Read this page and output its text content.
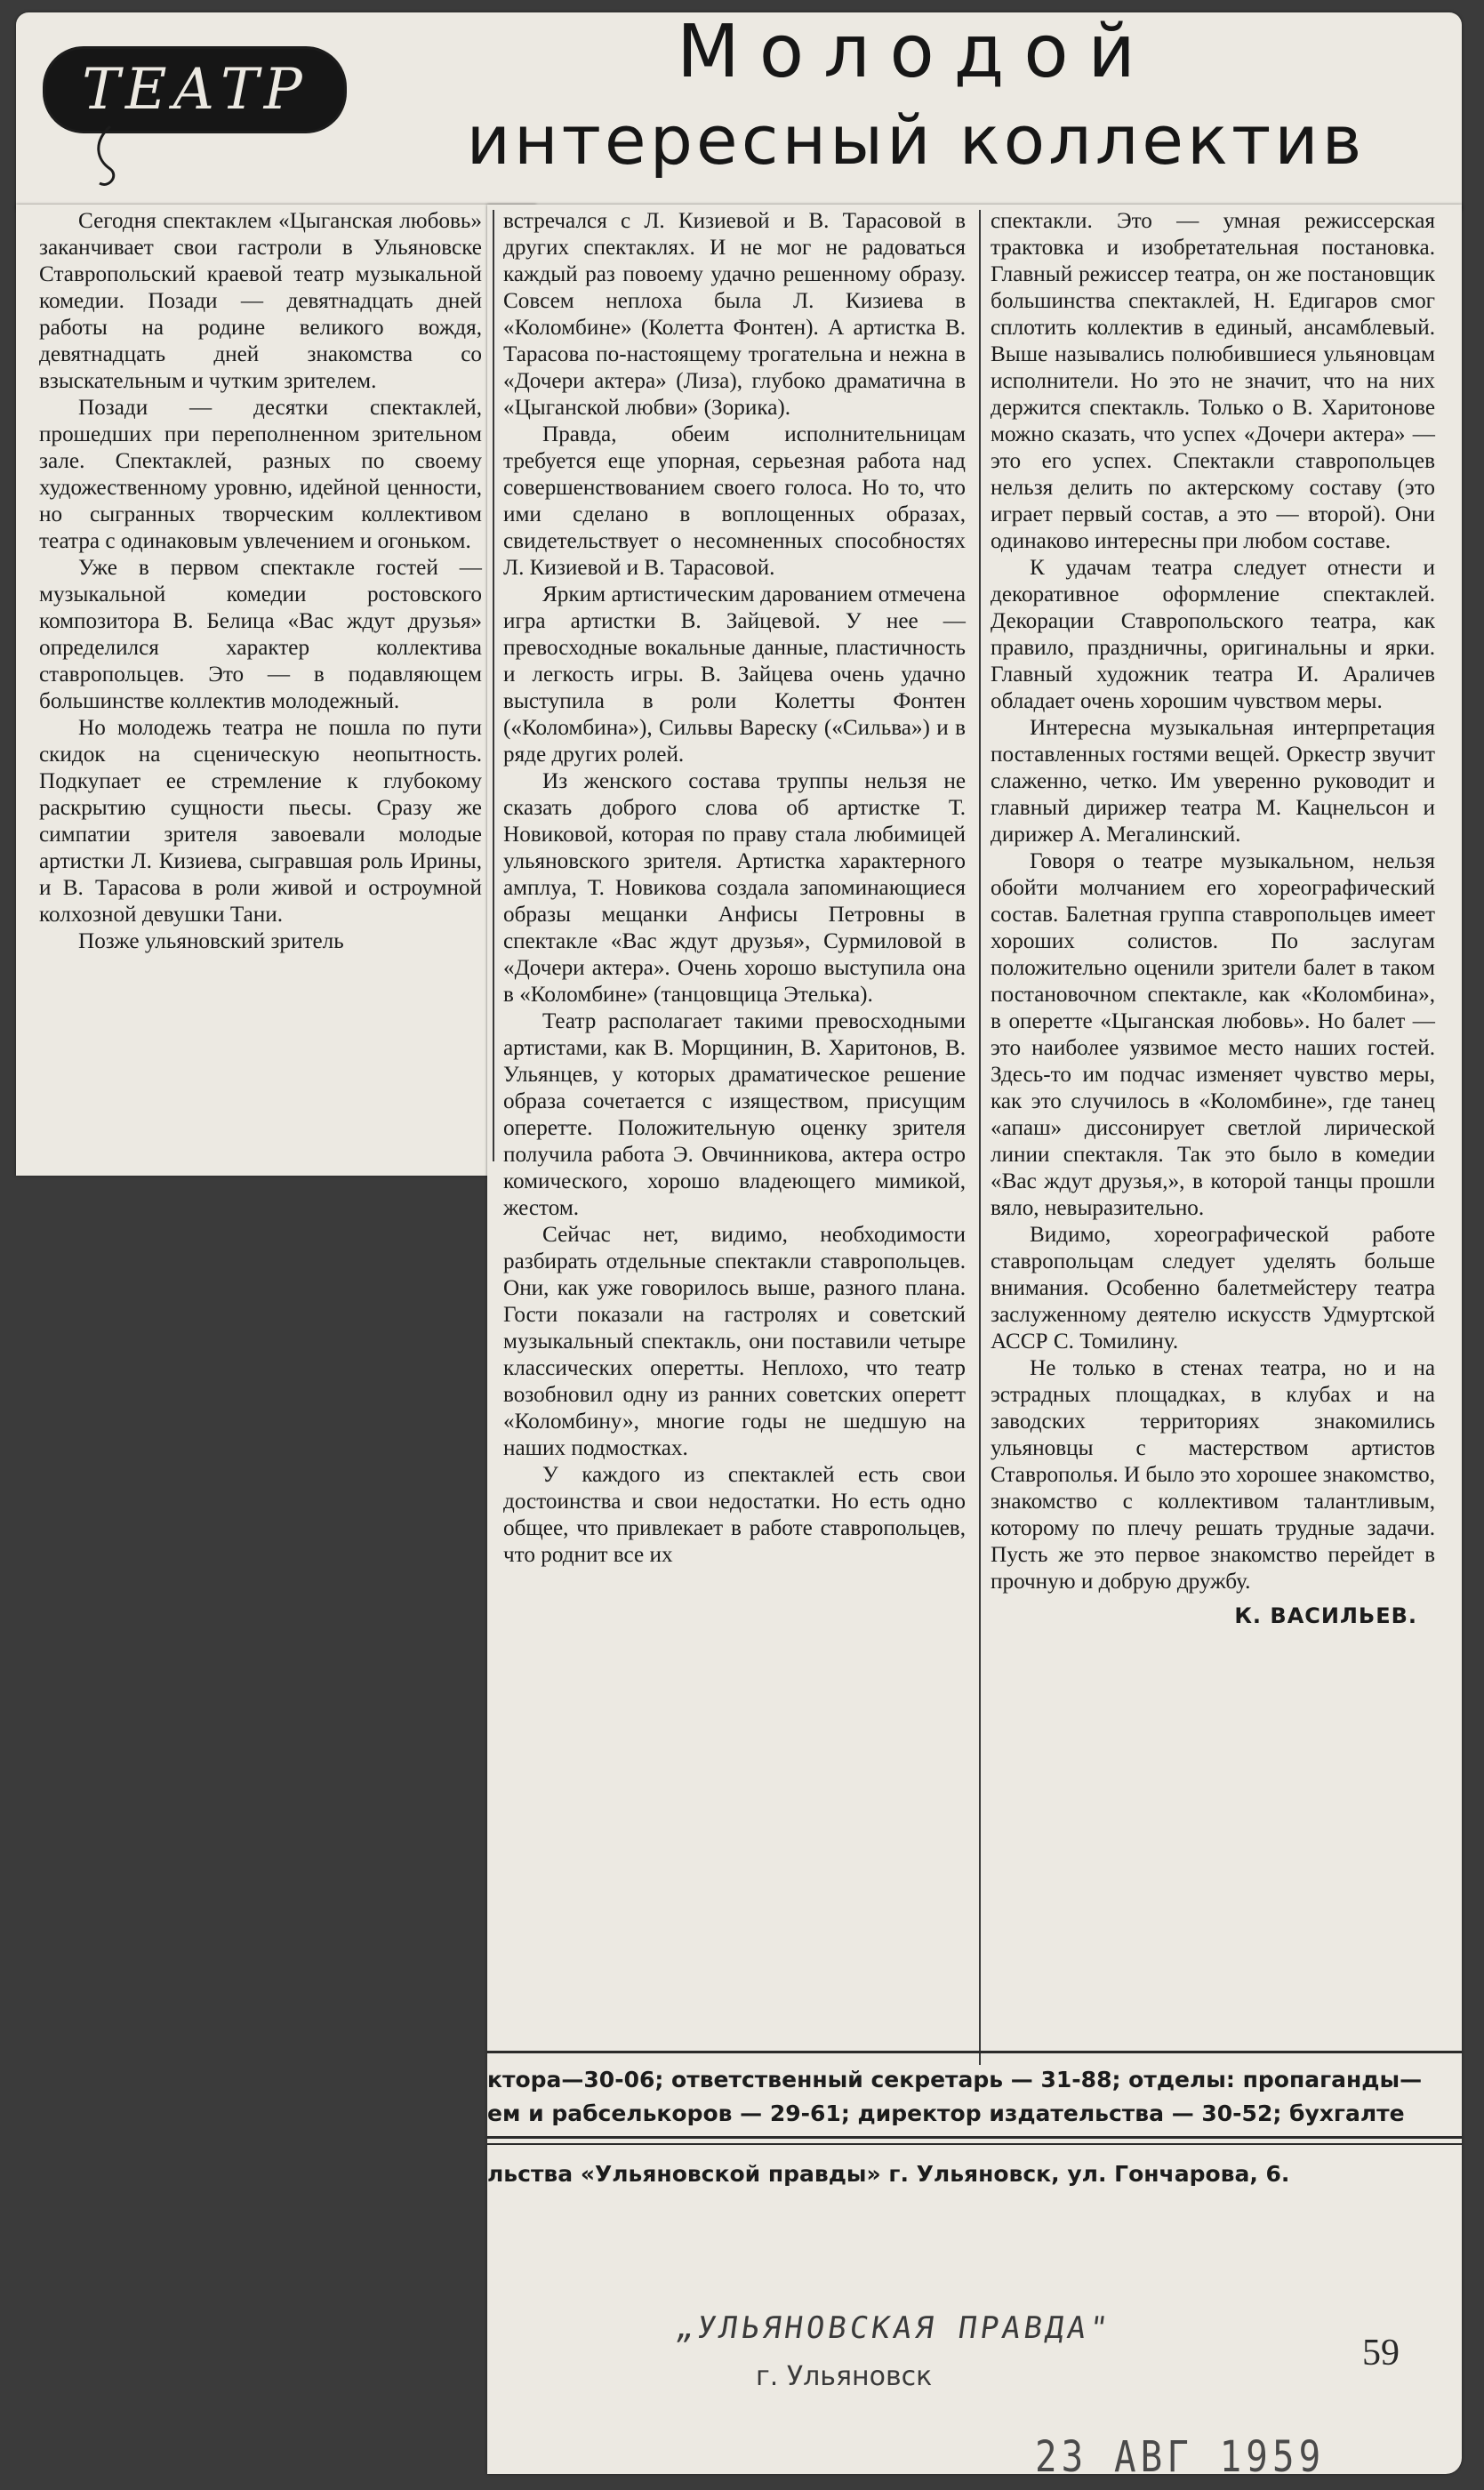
ТЕАТР	Молодой
интересный коллектив

Сегодня спектаклем «Цыганская любовь» заканчивает свои гастроли в Ульяновске Ставропольский краевой театр музыкальной комедии. Позади — девятнадцать дней работы на родине великого вождя, девятнадцать дней знакомства со взыскательным и чутким зрителем.

Позади — десятки спектаклей, прошедших при переполненном зрительном зале. Спектаклей, разных по своему художественному уровню, идейной ценности, но сыгранных творческим коллективом театра с одинаковым увлечением и огоньком.

Уже в первом спектакле гостей — музыкальной комедии ростовского композитора В. Белица «Вас ждут друзья» определился характер коллектива ставропольцев. Это — в подавляющем большинстве коллектив молодежный.

Но молодежь театра не пошла по пути скидок на сценическую неопытность. Подкупает ее стремление к глубокому раскрытию сущности пьесы. Сразу же симпатии зрителя завоевали молодые артистки Л. Кизиева, сыгравшая роль Ирины, и В. Тарасова в роли живой и остроумной колхозной девушки Тани.

Позже ульяновский зритель

встречался с Л. Кизиевой и В. Тарасовой в других спектаклях. И не мог не радоваться каждый раз повоему удачно решенному образу. Совсем неплоха была Л. Кизиева в «Коломбине» (Колетта Фонтен). А артистка В. Тарасова по-настоящему трогательна и нежна в «Дочери актера» (Лиза), глубоко драматична в «Цыганской любви» (Зорика).

Правда, обеим исполнительницам требуется еще упорная, серьезная работа над совершенствованием своего голоса. Но то, что ими сделано в воплощенных образах, свидетельствует о несомненных способностях Л. Кизиевой и В. Тарасовой.

Ярким артистическим дарованием отмечена игра артистки В. Зайцевой. У нее — превосходные вокальные данные, пластичность и легкость игры. В. Зайцева очень удачно выступила в роли Колетты Фонтен («Коломбина»), Сильвы Вареску («Сильва») и в ряде других ролей.

Из женского состава труппы нельзя не сказать доброго слова об артистке Т. Новиковой, которая по праву стала любимицей ульяновского зрителя. Артистка характерного амплуа, Т. Новикова создала запоминающиеся образы мещанки Анфисы Петровны в спектакле «Вас ждут друзья», Сурмиловой в «Дочери актера». Очень хорошо выступила она в «Коломбине» (танцовщица Этелька).

Театр располагает такими превосходными артистами, как В. Морщинин, В. Харитонов, В. Ульянцев, у которых драматическое решение образа сочетается с изяществом, присущим оперетте. Положительную оценку зрителя получила работа Э. Овчинникова, актера остро комического, хорошо владеющего мимикой, жестом.

Сейчас нет, видимо, необходимости разбирать отдельные спектакли ставропольцев. Они, как уже говорилось выше, разного плана. Гости показали на гастролях и советский музыкальный спектакль, они поставили четыре классических оперетты. Неплохо, что театр возобновил одну из ранних советских оперетт «Коломбину», многие годы не шедшую на наших подмостках.

У каждого из спектаклей есть свои достоинства и свои недостатки. Но есть одно общее, что привлекает в работе ставропольцев, что роднит все их

спектакли. Это — умная режиссерская трактовка и изобретательная постановка. Главный режиссер театра, он же постановщик большинства спектаклей, Н. Едигаров смог сплотить коллектив в единый, ансамблевый. Выше назывались полюбившиеся ульяновцам исполнители. Но это не значит, что на них держится спектакль. Только о В. Харитонове можно сказать, что успех «Дочери актера» — это его успех. Спектакли ставропольцев нельзя делить по актерскому составу (это играет первый состав, а это — второй). Они одинаково интересны при любом составе.

К удачам театра следует отнести и декоративное оформление спектаклей. Декорации Ставропольского театра, как правило, праздничны, оригинальны и ярки. Главный художник театра И. Араличев обладает очень хорошим чувством меры.

Интересна музыкальная интерпретация поставленных гостями вещей. Оркестр звучит слаженно, четко. Им уверенно руководит и главный дирижер театра М. Кацнельсон и дирижер А. Мегалинский.

Говоря о театре музыкальном, нельзя обойти молчанием его хореографический состав. Балетная группа ставропольцев имеет хороших солистов. По заслугам положительно оценили зрители балет в таком постановочном спектакле, как «Коломбина», в оперетте «Цыганская любовь». Но балет — это наиболее уязвимое место наших гостей. Здесь-то им подчас изменяет чувство меры, как это случилось в «Коломбине», где танец «апаш» диссонирует светлой лирической линии спектакля. Так это было в комедии «Вас ждут друзья,», в которой танцы прошли вяло, невыразительно.

Видимо, хореографической работе ставропольцам следует уделять больше внимания. Особенно балетмейстеру театра заслуженному деятелю искусств Удмуртской АССР С. Томилину.

Не только в стенах театра, но и на эстрадных площадках, в клубах и на заводских территориях знакомились ульяновцы с мастерством артистов Ставрополья. И было это хорошее знакомство, знакомство с коллективом талантливым, которому по плечу решать трудные задачи. Пусть же это первое знакомство перейдет в прочную и добрую дружбу.

К. ВАСИЛЬЕВ.
ктора—30-06; ответственный секретарь — 31-88; отделы: пропаганды—
ем и рабселькоров — 29-61; директор издательства — 30-52; бухгалте
льства «Ульяновской правды» г. Ульяновск, ул. Гончарова, 6.
„УЛЬЯНОВСКАЯ ПРАВДА"
г. Ульяновск
59
23 АВГ 1959
